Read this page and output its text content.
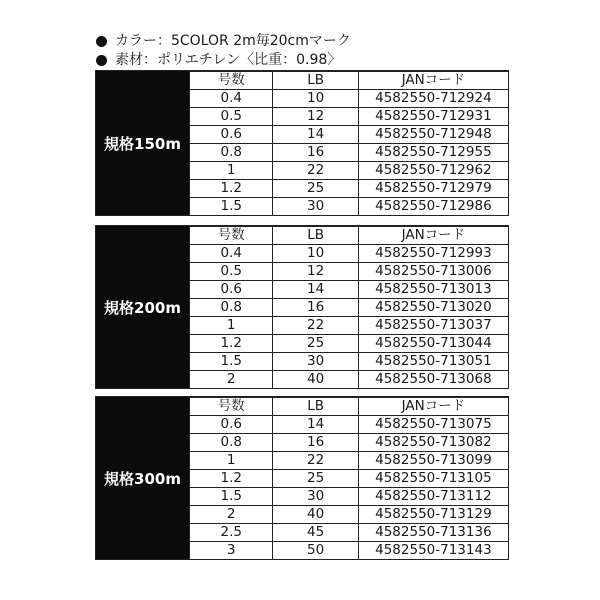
カラー：5COLOR 2m毎20cmマーク
素材：ポリエチレン〈比重：0.98〉
規格150m
号数	LB	JANコード
0.4	10	4582550-712924
0.5	12	4582550-712931
0.6	14	4582550-712948
0.8	16	4582550-712955
1	22	4582550-712962
1.2	25	4582550-712979
1.5	30	4582550-712986
規格200m
号数	LB	JANコード
0.4	10	4582550-712993
0.5	12	4582550-713006
0.6	14	4582550-713013
0.8	16	4582550-713020
1	22	4582550-713037
1.2	25	4582550-713044
1.5	30	4582550-713051
2	40	4582550-713068
規格300m
号数	LB	JANコード
0.6	14	4582550-713075
0.8	16	4582550-713082
1	22	4582550-713099
1.2	25	4582550-713105
1.5	30	4582550-713112
2	40	4582550-713129
2.5	45	4582550-713136
3	50	4582550-713143
